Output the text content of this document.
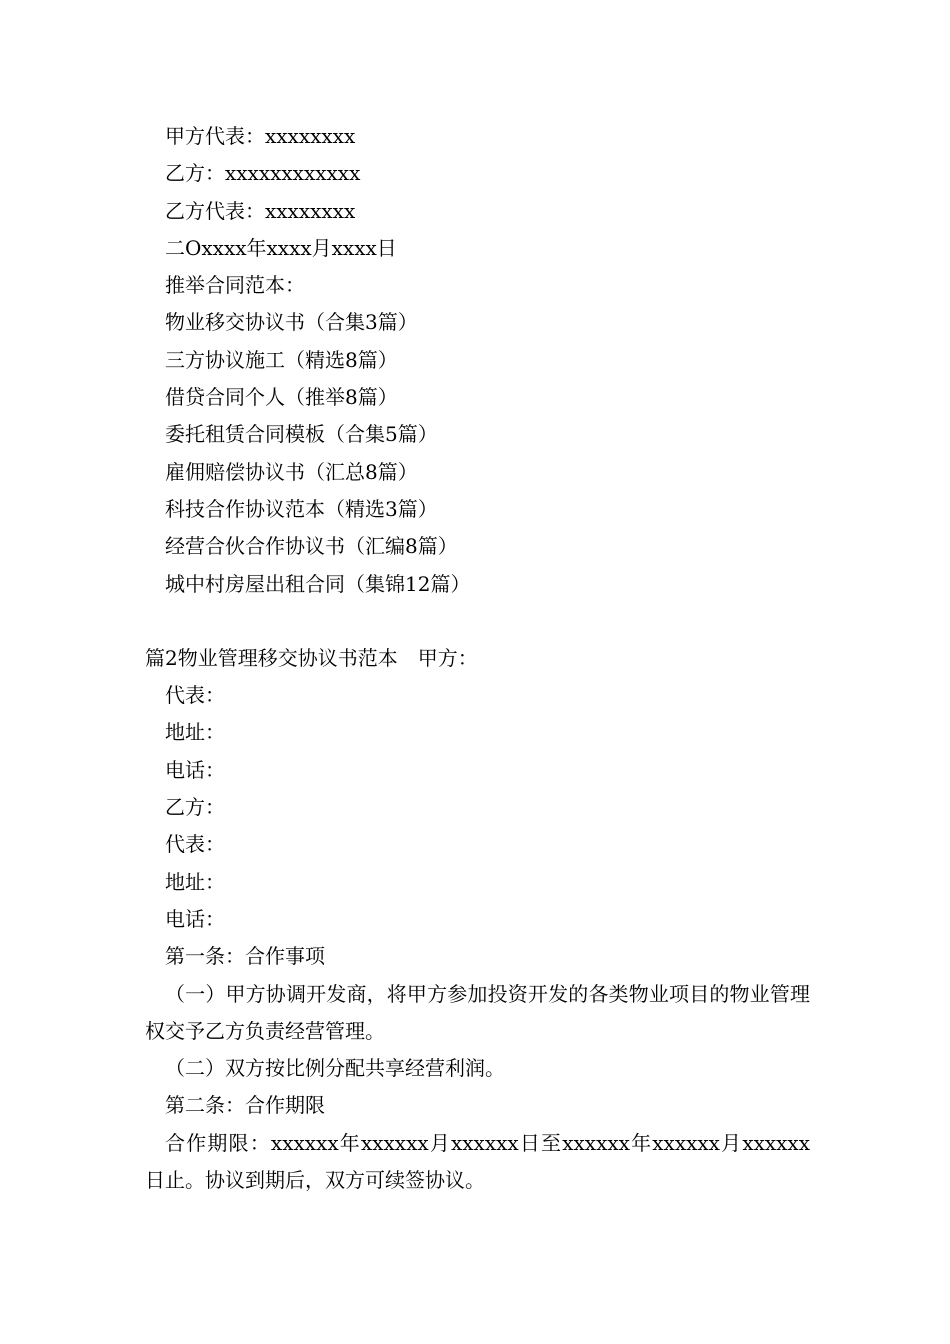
甲方代表：xxxxxxxx
乙方：xxxxxxxxxxxx
乙方代表：xxxxxxxx
二Oxxxx年xxxx月xxxx日
推举合同范本：
物业移交协议书（合集3篇）
三方协议施工（精选8篇）
借贷合同个人（推举8篇）
委托租赁合同模板（合集5篇）
雇佣赔偿协议书（汇总8篇）
科技合作协议范本（精选3篇）
经营合伙合作协议书（汇编8篇）
城中村房屋出租合同（集锦12篇）
篇2物业管理移交协议书范本　甲方：
代表：
地址：
电话：
乙方：
代表：
地址：
电话：
第一条：合作事项

（一）甲方协调开发商，将甲方参加投资开发的各类物业项目的物业管理权交予乙方负责经营管理。

（二）双方按比例分配共享经营利润。

第二条：合作期限

合作期限：xxxxxx年xxxxxx月xxxxxx日至xxxxxx年xxxxxx月xxxxxx日止。协议到期后，双方可续签协议。
